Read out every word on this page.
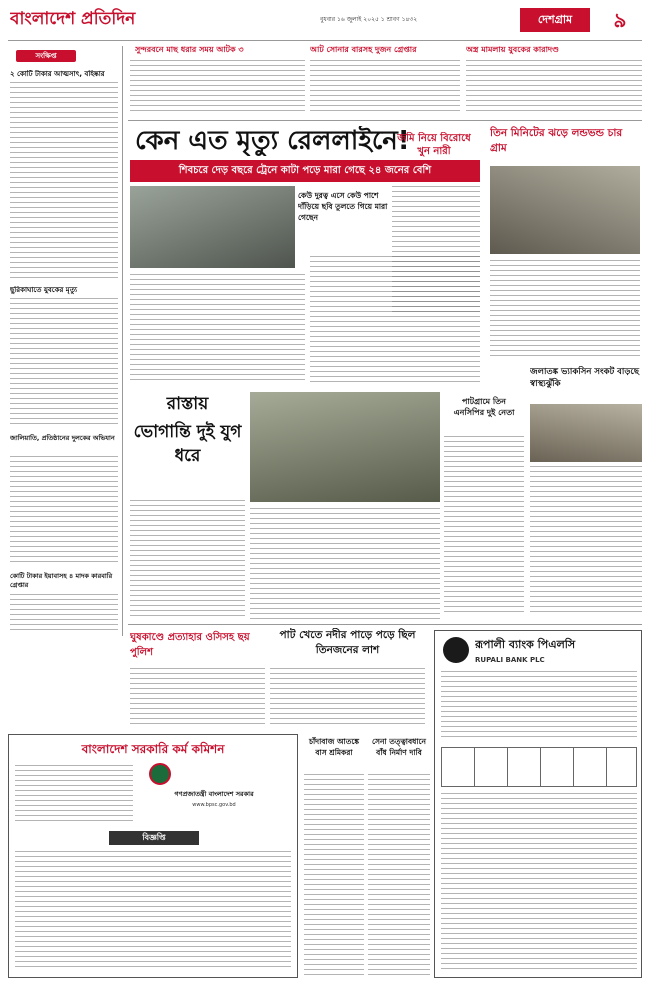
বাংলাদেশ প্রতিদিন	বুধবার ১৬ জুলাই ২০২৫ ১ শ্রাবণ ১৪৩২	দেশগ্রাম	৯
সংক্ষিপ্ত
২ কোটি টাকার আত্মসাৎ, বহিষ্কার
ছুরিকাঘাতে যুবকের মৃত্যু
জালিয়াতি, প্রতিষ্ঠানের দুলকের অভিযান
কোটি টাকার ইয়াবাসহ ৪ মাদক কারবারি গ্রেপ্তার
সুন্দরবনে মাছ ধরার সময় আটক ৩	আট সোনার বারসহ দুজন গ্রেপ্তার	অস্ত্র মামলায় যুবকের কারাদণ্ড
কেন এত মৃত্যু রেললাইনে!
শিবচরে দেড় বছরে ট্রেনে কাটা পড়ে মারা গেছে ২৪ জনের বেশি
কেউ দুরত্ব এসে কেউ পাশে দাঁড়িয়ে ছবি তুলতে গিয়ে মারা গেছেন
জমি নিয়ে বিরোধে খুন নারী
তিন মিনিটের ঝড়ে লন্ডভন্ড চার গ্রাম
রাস্তায়
ভোগান্তি দুই যুগ ধরে
পাটগ্রামে তিন এনসিপির দুই নেতা
জলাতঙ্ক ভ্যাকসিন সংকট বাড়ছে স্বাস্থ্যঝুঁকি
ঘুষকাণ্ডে প্রত্যাহার ওসিসহ ছয় পুলিশ
পাট খেতে নদীর পাড়ে পড়ে ছিল তিনজনের লাশ
বাংলাদেশ সরকারি কর্ম কমিশন
গণপ্রজাতন্ত্রী বাংলাদেশ সরকার
www.bpsc.gov.bd
বিজ্ঞপ্তি
চাঁদাবাজ আতঙ্কে বাস শ্রমিকরা
সেনা তত্ত্বাবধানে বাঁধ নির্মাণ দাবি
রূপালী ব্যাংক পিএলসি
RUPALI BANK PLC
